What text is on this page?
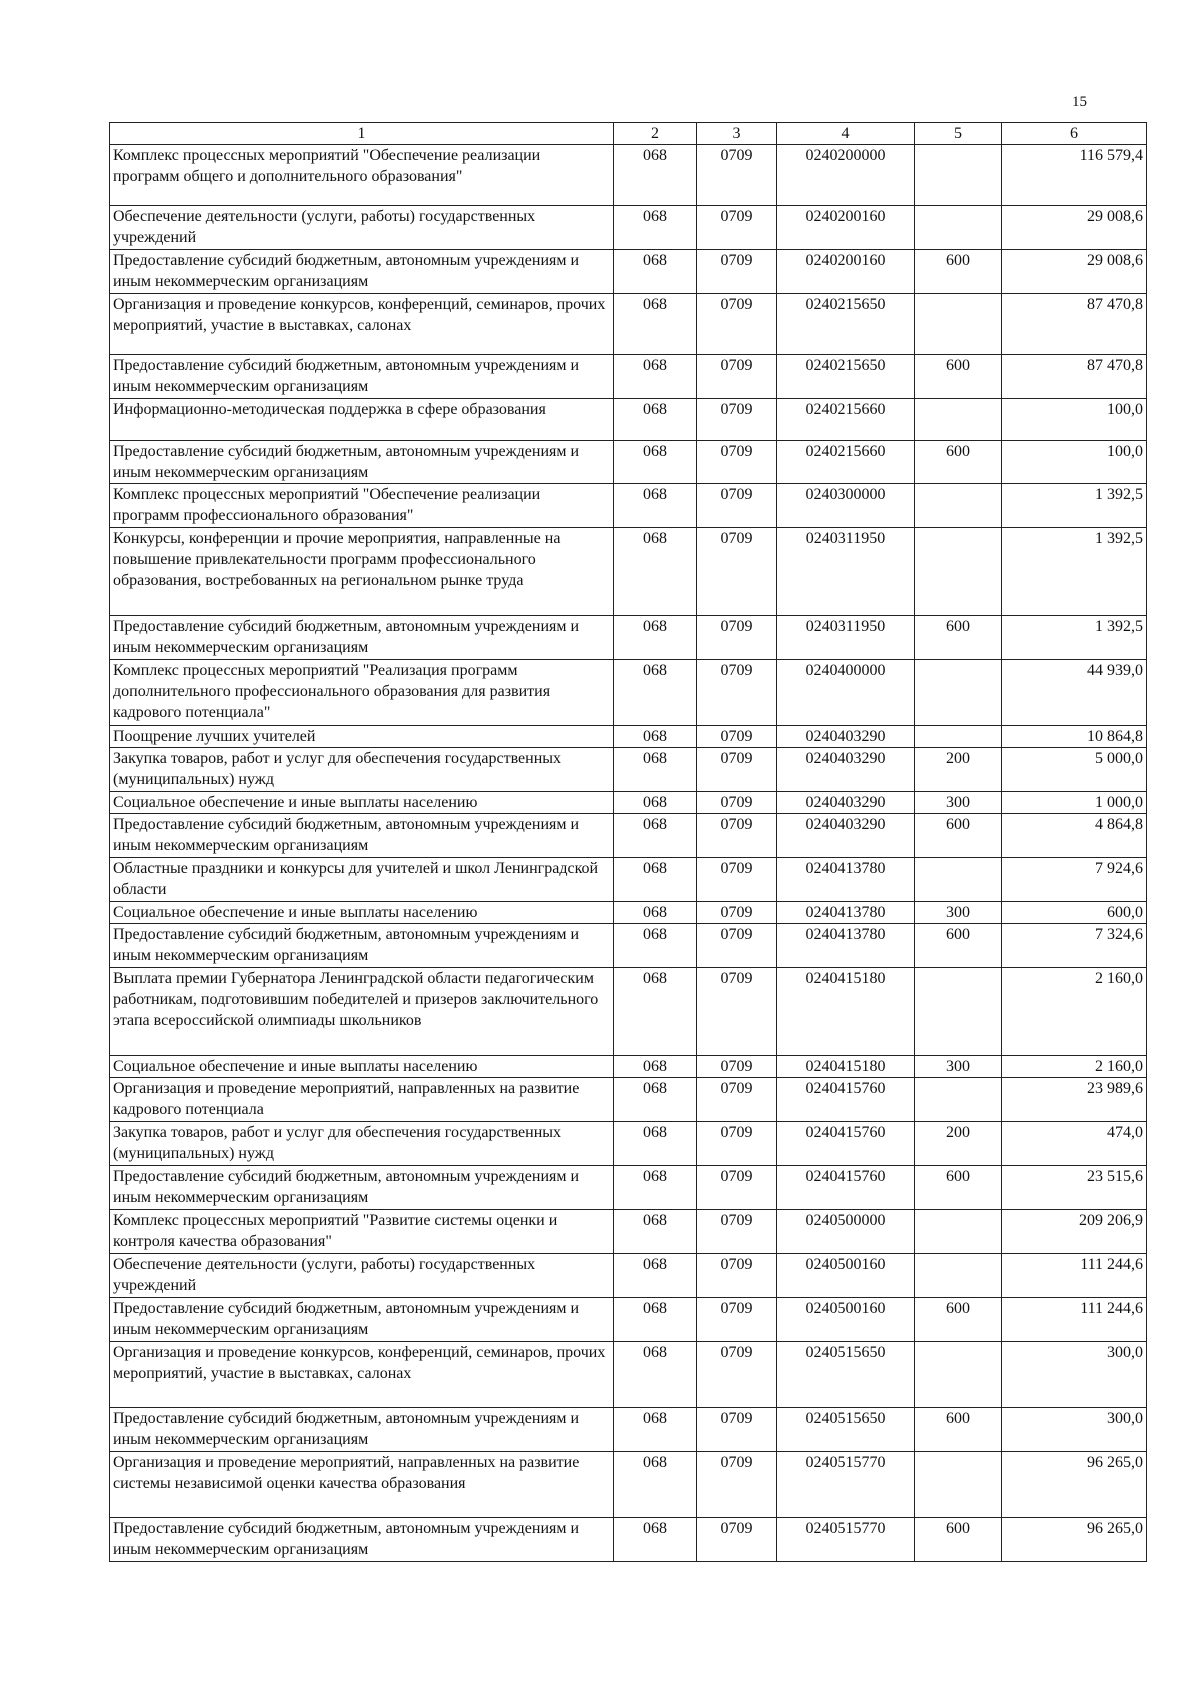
15
1	2	3	4	5	6
Комплекс процессных мероприятий "Обеспечение реализации программ общего и дополнительного образования"	068	0709	0240200000		116 579,4
Обеспечение деятельности (услуги, работы) государственных учреждений	068	0709	0240200160		29 008,6
Предоставление субсидий бюджетным, автономным учреждениям и иным некоммерческим организациям	068	0709	0240200160	600	29 008,6
Организация и проведение конкурсов, конференций, семинаров, прочих мероприятий, участие в выставках, салонах	068	0709	0240215650		87 470,8
Предоставление субсидий бюджетным, автономным учреждениям и иным некоммерческим организациям	068	0709	0240215650	600	87 470,8
Информационно-методическая поддержка в сфере образования	068	0709	0240215660		100,0
Предоставление субсидий бюджетным, автономным учреждениям и иным некоммерческим организациям	068	0709	0240215660	600	100,0
Комплекс процессных мероприятий "Обеспечение реализации программ профессионального образования"	068	0709	0240300000		1 392,5
Конкурсы, конференции и прочие мероприятия, направленные на повышение привлекательности программ профессионального образования, востребованных на региональном рынке труда	068	0709	0240311950		1 392,5
Предоставление субсидий бюджетным, автономным учреждениям и иным некоммерческим организациям	068	0709	0240311950	600	1 392,5
Комплекс процессных мероприятий "Реализация программ дополнительного профессионального образования для развития кадрового потенциала"	068	0709	0240400000		44 939,0
Поощрение лучших учителей	068	0709	0240403290		10 864,8
Закупка товаров, работ и услуг для обеспечения государственных (муниципальных) нужд	068	0709	0240403290	200	5 000,0
Социальное обеспечение и иные выплаты населению	068	0709	0240403290	300	1 000,0
Предоставление субсидий бюджетным, автономным учреждениям и иным некоммерческим организациям	068	0709	0240403290	600	4 864,8
Областные праздники и конкурсы для учителей и школ Ленинградской области	068	0709	0240413780		7 924,6
Социальное обеспечение и иные выплаты населению	068	0709	0240413780	300	600,0
Предоставление субсидий бюджетным, автономным учреждениям и иным некоммерческим организациям	068	0709	0240413780	600	7 324,6
Выплата премии Губернатора Ленинградской области педагогическим работникам, подготовившим победителей и призеров заключительного этапа всероссийской олимпиады школьников	068	0709	0240415180		2 160,0
Социальное обеспечение и иные выплаты населению	068	0709	0240415180	300	2 160,0
Организация и проведение мероприятий, направленных на развитие кадрового потенциала	068	0709	0240415760		23 989,6
Закупка товаров, работ и услуг для обеспечения государственных (муниципальных) нужд	068	0709	0240415760	200	474,0
Предоставление субсидий бюджетным, автономным учреждениям и иным некоммерческим организациям	068	0709	0240415760	600	23 515,6
Комплекс процессных мероприятий "Развитие системы оценки и контроля качества образования"	068	0709	0240500000		209 206,9
Обеспечение деятельности (услуги, работы) государственных учреждений	068	0709	0240500160		111 244,6
Предоставление субсидий бюджетным, автономным учреждениям и иным некоммерческим организациям	068	0709	0240500160	600	111 244,6
Организация и проведение конкурсов, конференций, семинаров, прочих мероприятий, участие в выставках, салонах	068	0709	0240515650		300,0
Предоставление субсидий бюджетным, автономным учреждениям и иным некоммерческим организациям	068	0709	0240515650	600	300,0
Организация и проведение мероприятий, направленных на развитие системы независимой оценки качества образования	068	0709	0240515770		96 265,0
Предоставление субсидий бюджетным, автономным учреждениям и иным некоммерческим организациям	068	0709	0240515770	600	96 265,0
